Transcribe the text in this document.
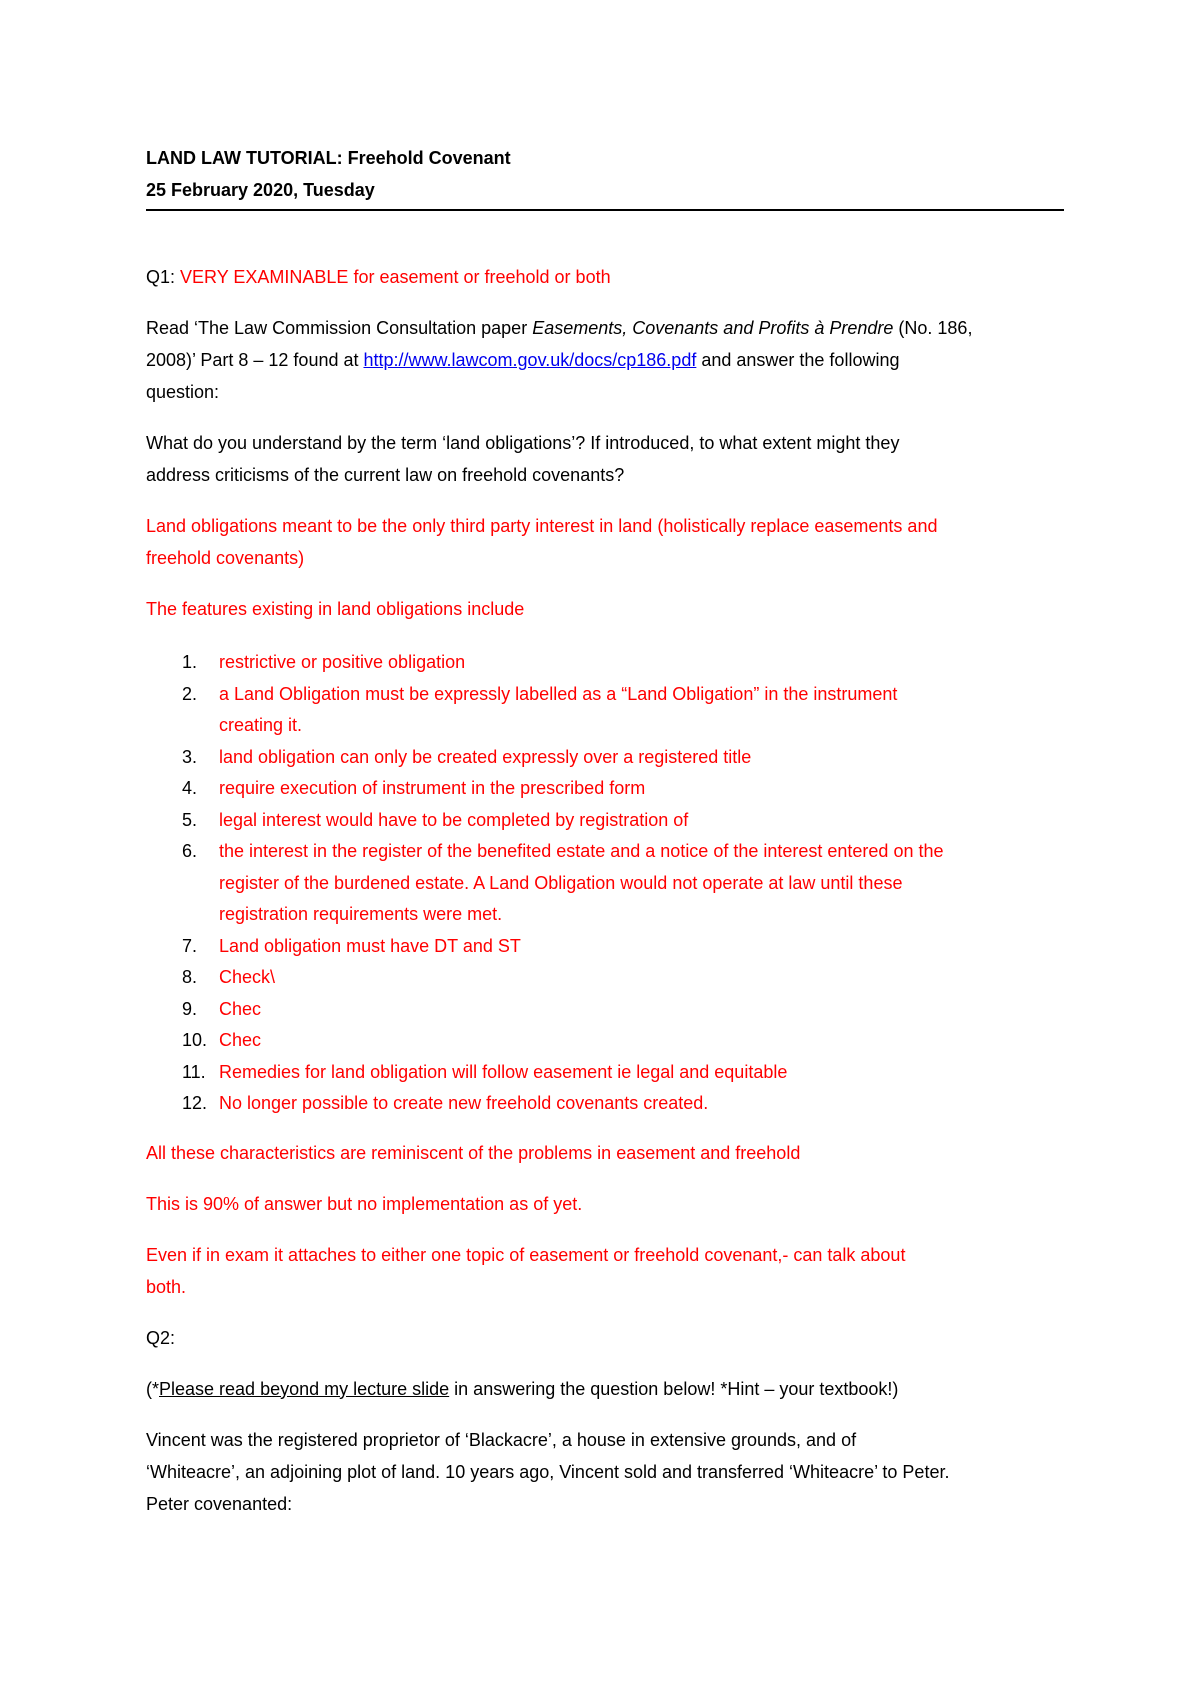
LAND LAW TUTORIAL: Freehold Covenant
25 February 2020, Tuesday
Q1: VERY EXAMINABLE for easement or freehold or both
Read ‘The Law Commission Consultation paper Easements, Covenants and Profits à Prendre (No. 186,
2008)’ Part 8 – 12 found at http://www.lawcom.gov.uk/docs/cp186.pdf and answer the following
question:
What do you understand by the term ‘land obligations’? If introduced, to what extent might they
address criticisms of the current law on freehold covenants?
Land obligations meant to be the only third party interest in land (holistically replace easements and
freehold covenants)
The features existing in land obligations include
1. restrictive or positive obligation
2. a Land Obligation must be expressly labelled as a “Land Obligation” in the instrument
creating it.
3. land obligation can only be created expressly over a registered title
4. require execution of instrument in the prescribed form
5. legal interest would have to be completed by registration of
6. the interest in the register of the benefited estate and a notice of the interest entered on the
register of the burdened estate. A Land Obligation would not operate at law until these
registration requirements were met.
7. Land obligation must have DT and ST
8. Check\
9. Chec
10. Chec
11. Remedies for land obligation will follow easement ie legal and equitable
12. No longer possible to create new freehold covenants created.
All these characteristics are reminiscent of the problems in easement and freehold
This is 90% of answer but no implementation as of yet.
Even if in exam it attaches to either one topic of easement or freehold covenant,- can talk about
both.
Q2:
(*Please read beyond my lecture slide in answering the question below! *Hint – your textbook!)
Vincent was the registered proprietor of ‘Blackacre’, a house in extensive grounds, and of
‘Whiteacre’, an adjoining plot of land. 10 years ago, Vincent sold and transferred ‘Whiteacre’ to Peter.
Peter covenanted:
